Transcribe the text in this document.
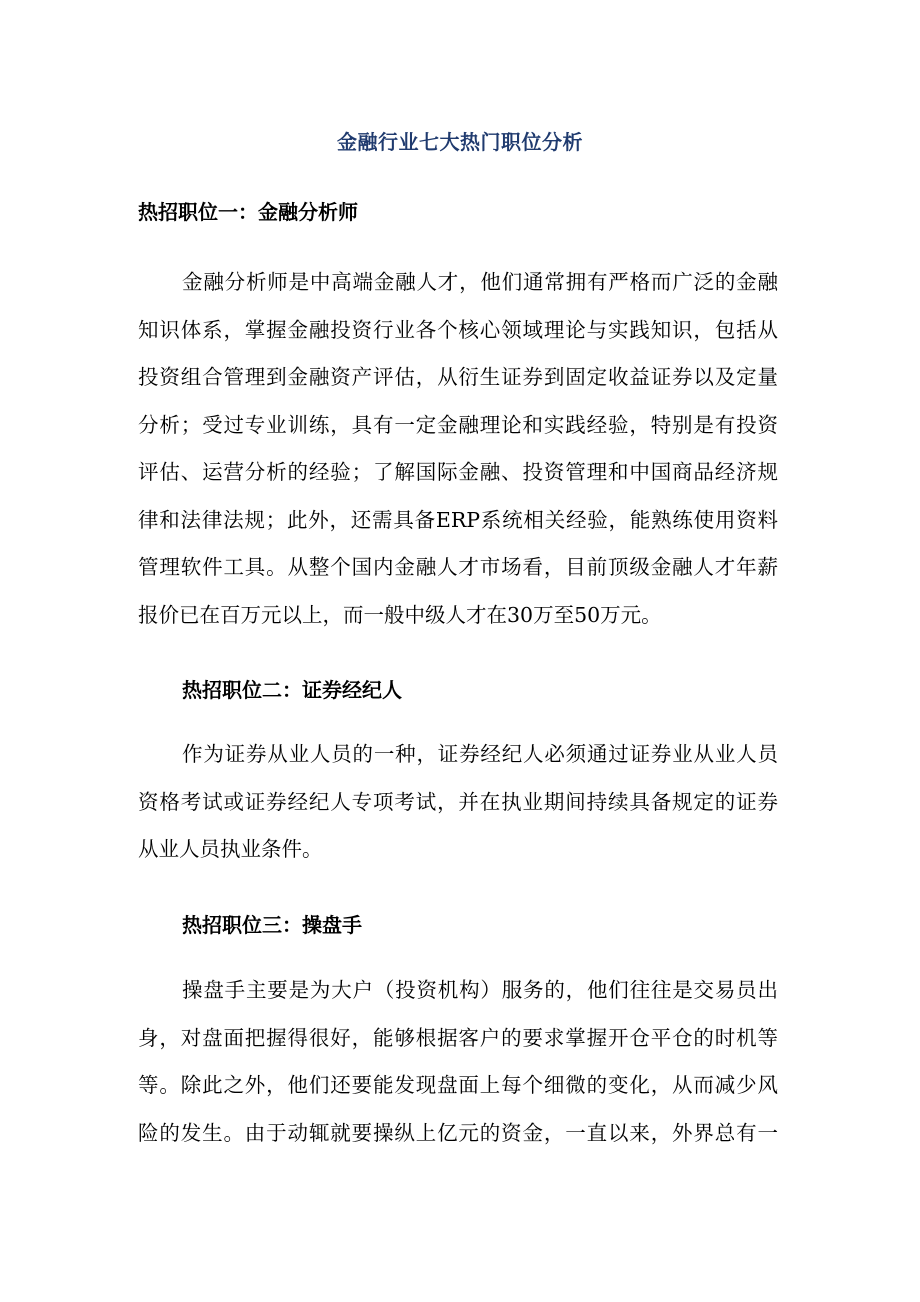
金融行业七大热门职位分析
热招职位一：金融分析师
金融分析师是中高端金融人才，他们通常拥有严格而广泛的金融
知识体系，掌握金融投资行业各个核心领域理论与实践知识，包括从
投资组合管理到金融资产评估，从衍生证券到固定收益证券以及定量
分析；受过专业训练，具有一定金融理论和实践经验，特别是有投资
评估、运营分析的经验；了解国际金融、投资管理和中国商品经济规
律和法律法规；此外，还需具备ERP系统相关经验，能熟练使用资料
管理软件工具。从整个国内金融人才市场看，目前顶级金融人才年薪
报价已在百万元以上，而一般中级人才在30万至50万元。
热招职位二：证券经纪人
作为证券从业人员的一种，证券经纪人必须通过证券业从业人员
资格考试或证券经纪人专项考试，并在执业期间持续具备规定的证券
从业人员执业条件。
热招职位三：操盘手
操盘手主要是为大户（投资机构）服务的，他们往往是交易员出
身，对盘面把握得很好，能够根据客户的要求掌握开仓平仓的时机等
等。除此之外，他们还要能发现盘面上每个细微的变化，从而减少风
险的发生。由于动辄就要操纵上亿元的资金，一直以来，外界总有一
